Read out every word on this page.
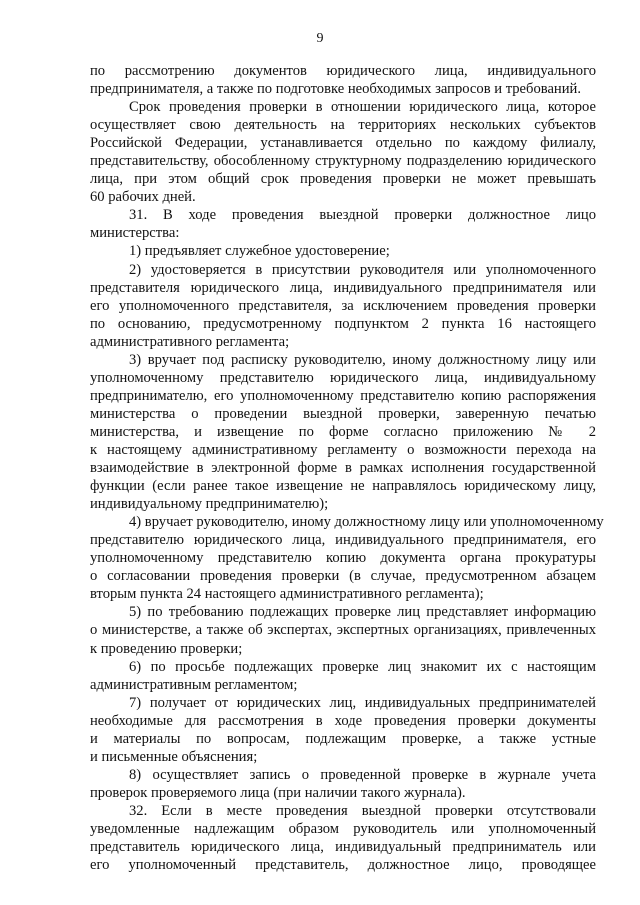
9
по рассмотрению документов юридического лица, индивидуального
предпринимателя, а также по подготовке необходимых запросов и требований.
Срок проведения проверки в отношении юридического лица, которое
осуществляет свою деятельность на территориях нескольких субъектов
Российской Федерации, устанавливается отдельно по каждому филиалу,
представительству, обособленному структурному подразделению юридического
лица, при этом общий срок проведения проверки не может превышать
60 рабочих дней.
31. В ходе проведения выездной проверки должностное лицо
министерства:
1) предъявляет служебное удостоверение;
2) удостоверяется в присутствии руководителя или уполномоченного
представителя юридического лица, индивидуального предпринимателя или
его уполномоченного представителя, за исключением проведения проверки
по основанию, предусмотренному подпунктом 2 пункта 16 настоящего
административного регламента;
3) вручает под расписку руководителю, иному должностному лицу или
уполномоченному представителю юридического лица, индивидуальному
предпринимателю, его уполномоченному представителю копию распоряжения
министерства о проведении выездной проверки, заверенную печатью
министерства, и извещение по форме согласно приложению № 2
к настоящему административному регламенту о возможности перехода на
взаимодействие в электронной форме в рамках исполнения государственной
функции (если ранее такое извещение не направлялось юридическому лицу,
индивидуальному предпринимателю);
4) вручает руководителю, иному должностному лицу или уполномоченному
представителю юридического лица, индивидуального предпринимателя, его
уполномоченному представителю копию документа органа прокуратуры
о согласовании проведения проверки (в случае, предусмотренном абзацем
вторым пункта 24 настоящего административного регламента);
5) по требованию подлежащих проверке лиц представляет информацию
о министерстве, а также об экспертах, экспертных организациях, привлеченных
к проведению проверки;
6) по просьбе подлежащих проверке лиц знакомит их с настоящим
административным регламентом;
7) получает от юридических лиц, индивидуальных предпринимателей
необходимые для рассмотрения в ходе проведения проверки документы
и материалы по вопросам, подлежащим проверке, а также устные
и письменные объяснения;
8) осуществляет запись о проведенной проверке в журнале учета
проверок проверяемого лица (при наличии такого журнала).
32. Если в месте проведения выездной проверки отсутствовали
уведомленные надлежащим образом руководитель или уполномоченный
представитель юридического лица, индивидуальный предприниматель или
его уполномоченный представитель, должностное лицо, проводящее
